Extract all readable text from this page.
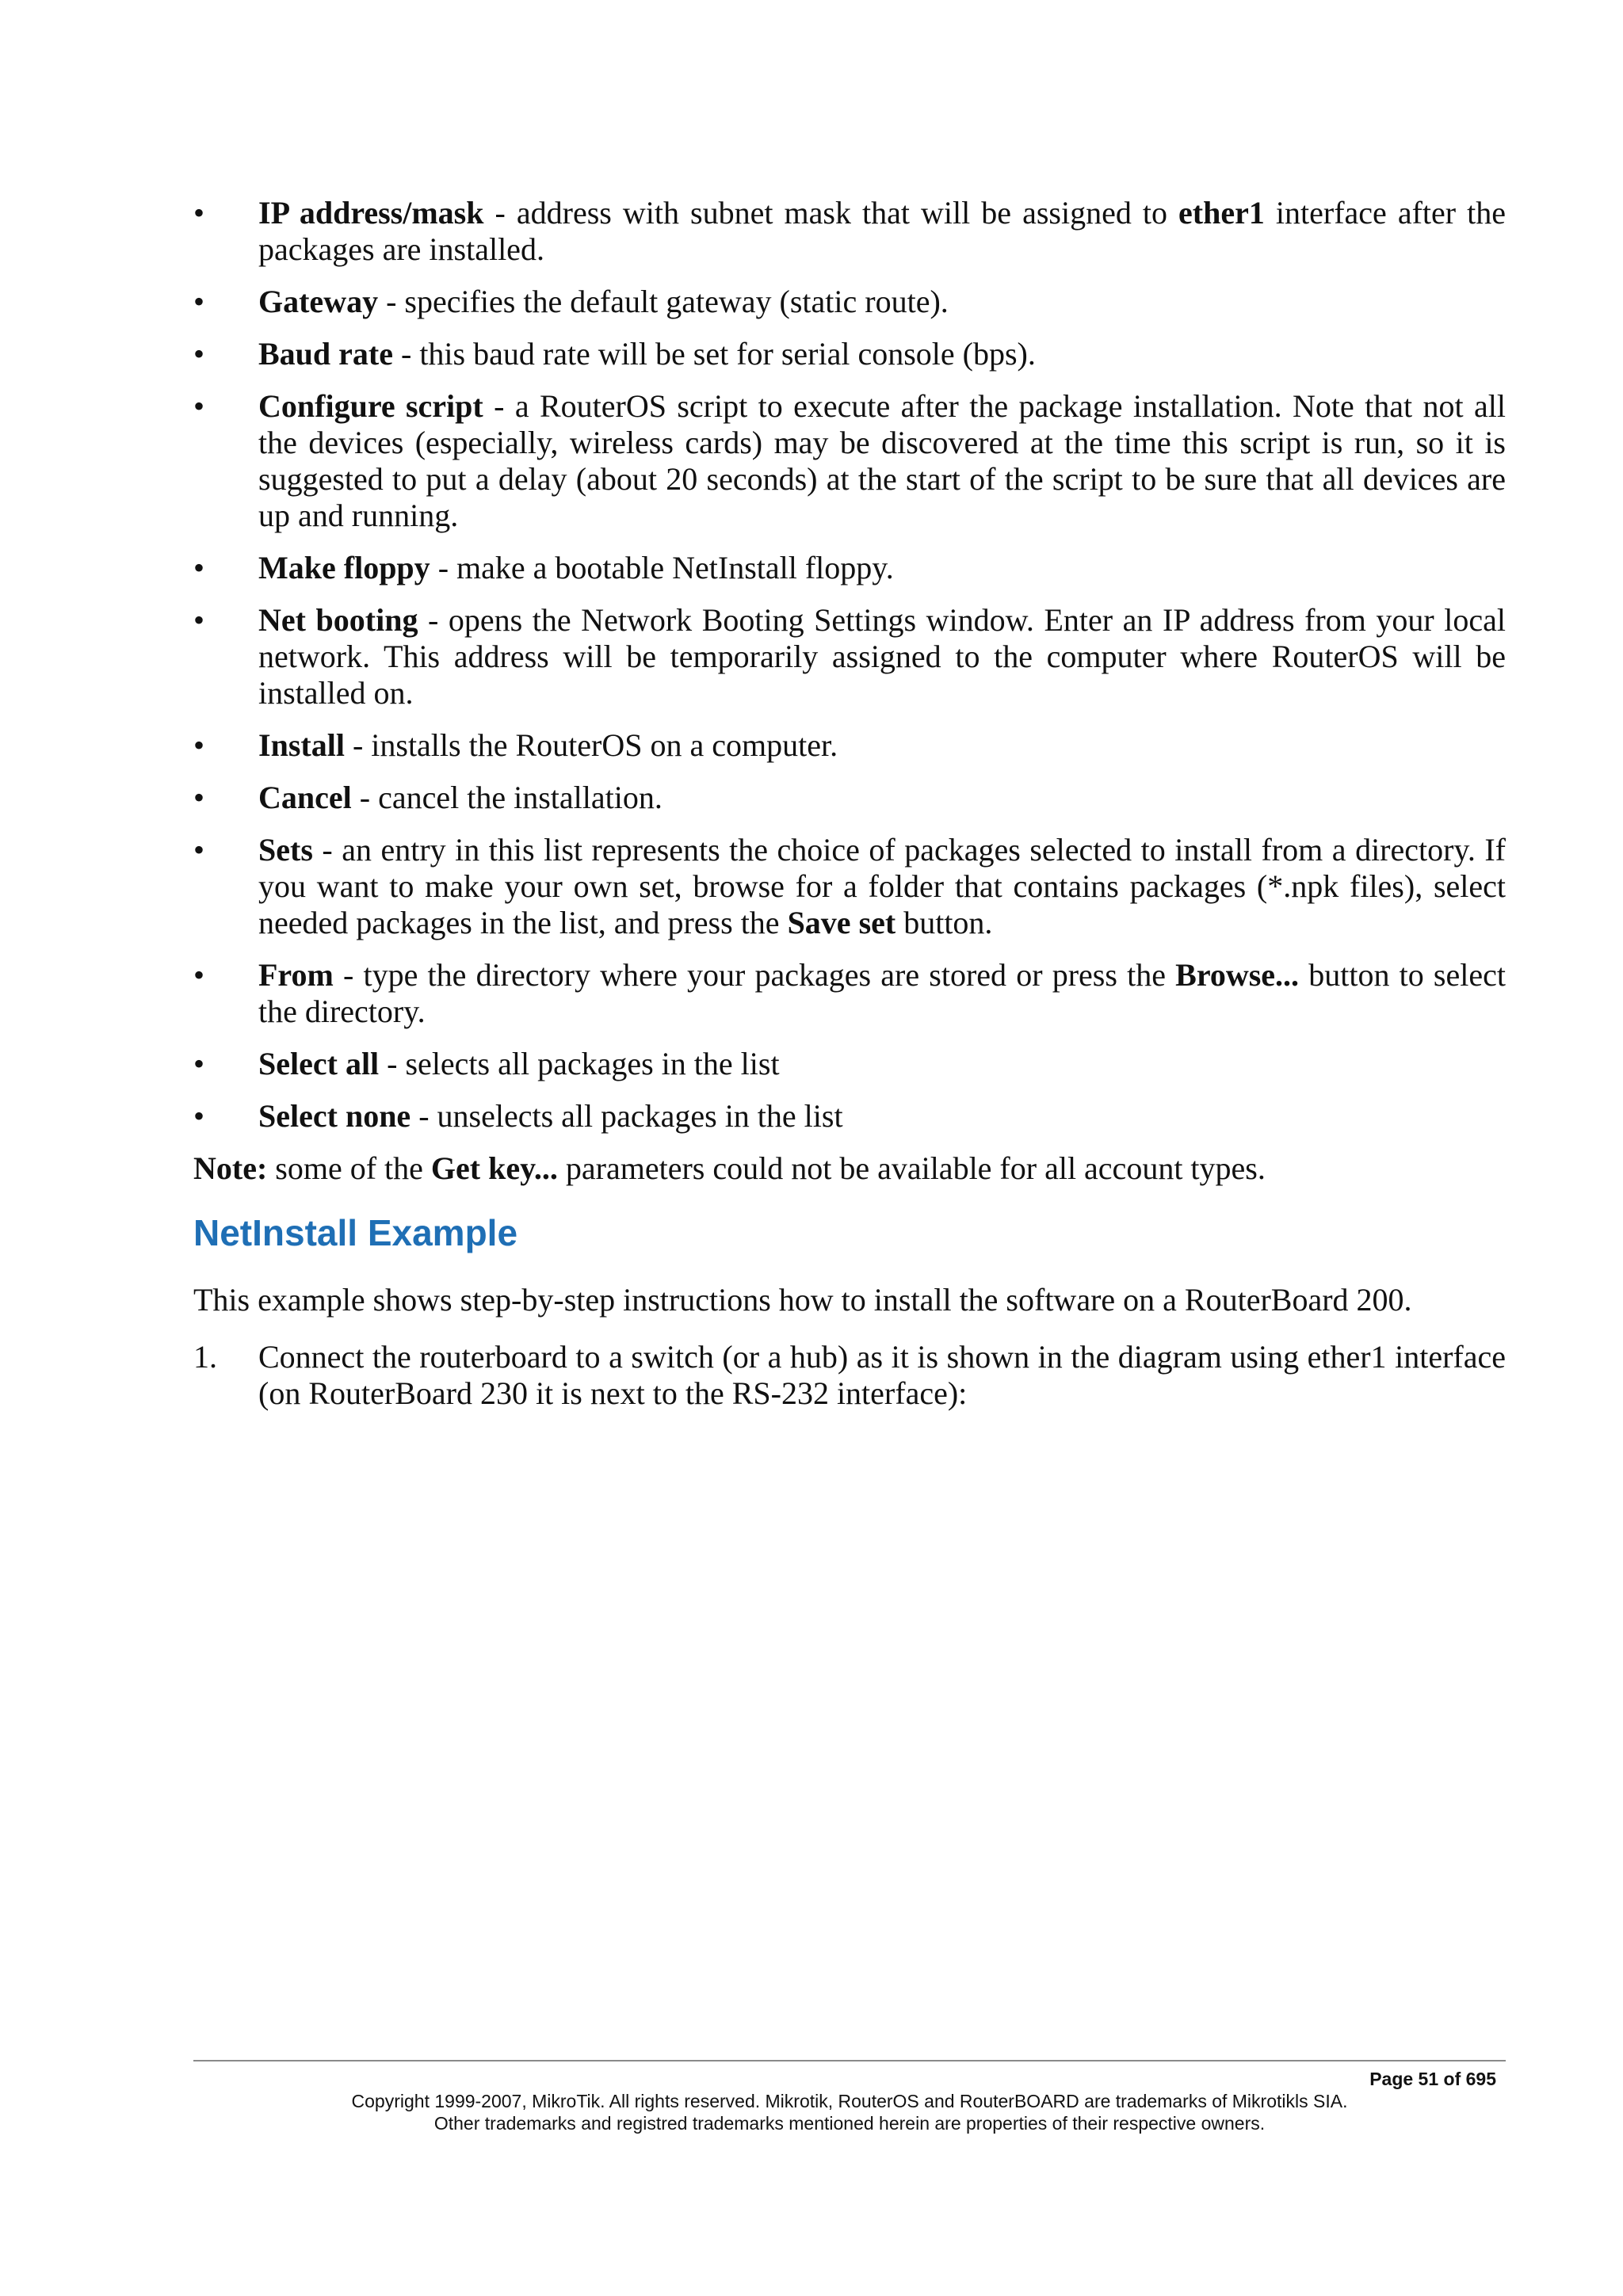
•	IP address/mask - address with subnet mask that will be assigned to ether1 interface after the packages are installed.
•	Gateway - specifies the default gateway (static route).
•	Baud rate - this baud rate will be set for serial console (bps).
•	Configure script - a RouterOS script to execute after the package installation. Note that not all the devices (especially, wireless cards) may be discovered at the time this script is run, so it is suggested to put a delay (about 20 seconds) at the start of the script to be sure that all devices are up and running.
•	Make floppy - make a bootable NetInstall floppy.
•	Net booting - opens the Network Booting Settings window. Enter an IP address from your local network. This address will be temporarily assigned to the computer where RouterOS will be installed on.
•	Install - installs the RouterOS on a computer.
•	Cancel - cancel the installation.
•	Sets - an entry in this list represents the choice of packages selected to install from a directory. If you want to make your own set, browse for a folder that contains packages (*.npk files), select needed packages in the list, and press the Save set button.
•	From - type the directory where your packages are stored or press the Browse... button to select the directory.
•	Select all - selects all packages in the list
•	Select none - unselects all packages in the list

Note: some of the Get key... parameters could not be available for all account types.

NetInstall Example

This example shows step-by-step instructions how to install the software on a RouterBoard 200.

1. Connect the routerboard to a switch (or a hub) as it is shown in the diagram using ether1 interface (on RouterBoard 230 it is next to the RS-232 interface):
Page 51 of 695
Copyright 1999-2007, MikroTik. All rights reserved. Mikrotik, RouterOS and RouterBOARD are trademarks of Mikrotikls SIA.
Other trademarks and registred trademarks mentioned herein are properties of their respective owners.
